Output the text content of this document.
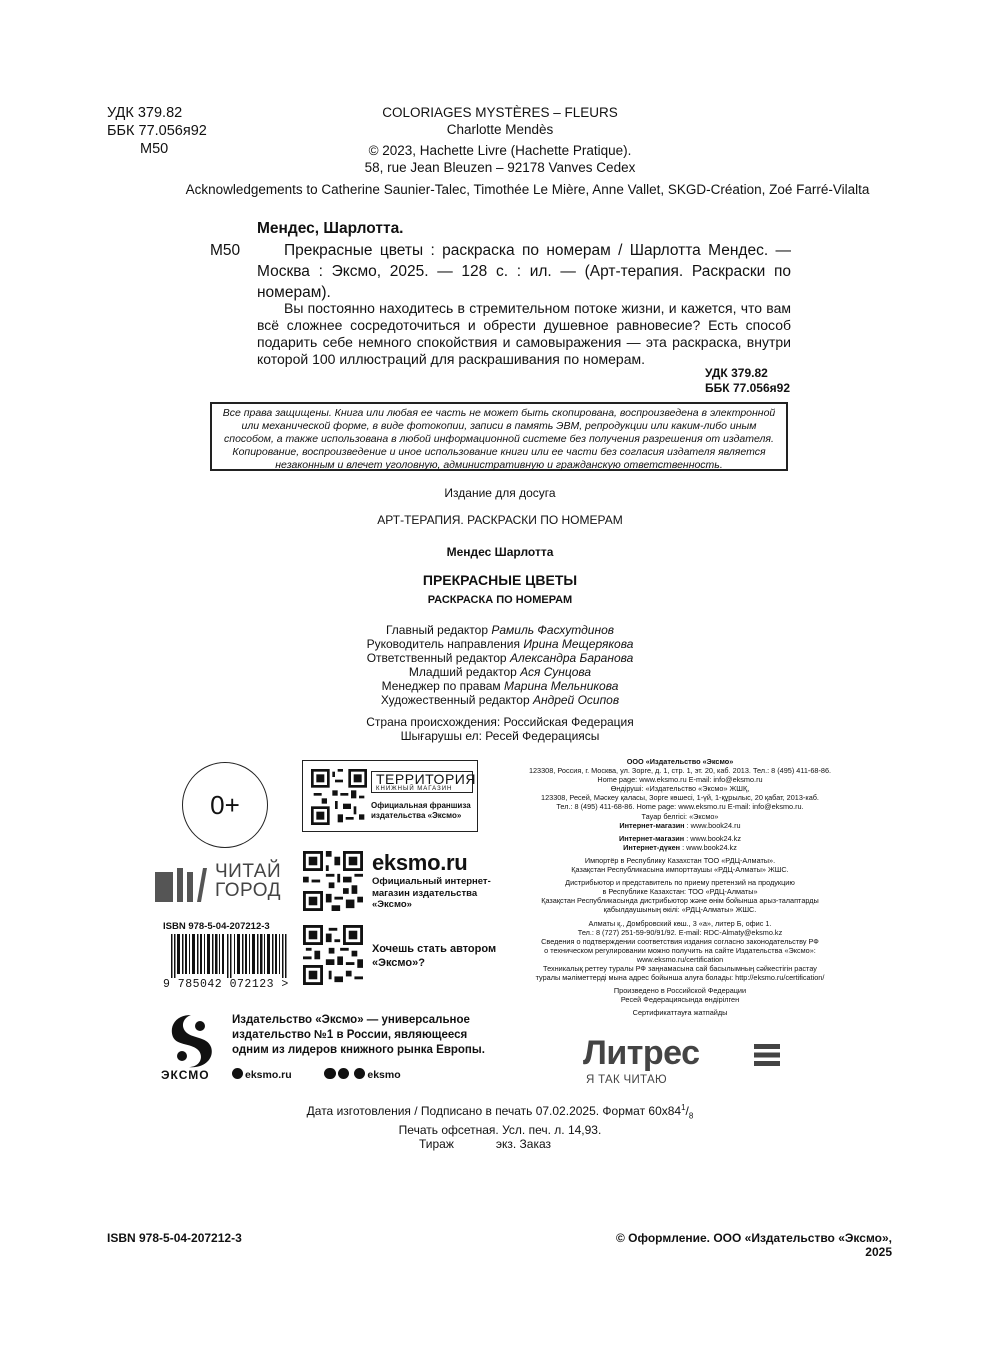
УДК 379.82
ББК 77.056я92
М50
COLORIAGES MYSTÈRES – FLEURS
Charlotte Mendès
© 2023, Hachette Livre (Hachette Pratique).
58, rue Jean Bleuzen – 92178 Vanves Cedex
Acknowledgements to Catherine Saunier-Talec, Timothée Le Mière, Anne Vallet, SKGD-Création, Zoé Farré-Vilalta
Мендес, Шарлотта.
М50	Прекрасные цветы : раскраска по номерам / Шарлотта Мендес. — Москва : Эксмо, 2025. — 128 с. : ил. — (Арт-терапия. Раскраски по номерам).
Вы постоянно находитесь в стремительном потоке жизни, и кажется, что вам всё сложнее сосредоточиться и обрести душевное равновесие? Есть способ подарить себе немного спокойствия и самовыражения — эта раскраска, внутри которой 100 иллюстраций для раскрашивания по номерам.
УДК 379.82
ББК 77.056я92
Все права защищены. Книга или любая ее часть не может быть скопирована, воспроизведена в электронной или механической форме, в виде фотокопии, записи в память ЭВМ, репродукции или каким-либо иным способом, а также использована в любой информационной системе без получения разрешения от издателя. Копирование, воспроизведение и иное использование книги или ее части без согласия издателя является незаконным и влечет уголовную, административную и гражданскую ответственность.
Издание для досуга
АРТ-ТЕРАПИЯ. РАСКРАСКИ ПО НОМЕРАМ
Мендес Шарлотта
ПРЕКРАСНЫЕ ЦВЕТЫ
РАСКРАСКА ПО НОМЕРАМ
Главный редактор Рамиль Фасхутдинов
Руководитель направления Ирина Мещерякова
Ответственный редактор Александра Баранова
Младший редактор Ася Сунцова
Менеджер по правам Марина Мельникова
Художественный редактор Андрей Осипов
Страна происхождения: Российская Федерация
Шығарушы ел: Ресей Федерациясы
0+
ТЕРРИТОРИЯ
КНИЖНЫЙ МАГАЗИН
Официальная франшиза издательства «Эксмо»
ЧИТАЙ
ГОРОД
eksmo.ru
Официальный интернет-магазин издательства «Эксмо»
ISBN 978-5-04-207212-3
9 785042 072123 >
Хочешь стать автором «Эксмо»?
ЭКСМО
Издательство «Эксмо» — универсальное издательство №1 в России, являющееся одним из лидеров книжного рынка Европы.
eksmo.ru	eksmo
ООО «Издательство «Эксмо»
123308, Россия, г. Москва, ул. Зорге, д. 1, стр. 1, эт. 20, каб. 2013. Тел.: 8 (495) 411-68-86.
Home page: www.eksmo.ru E-mail: info@eksmo.ru
Өндіруші: «Издательство «Эксмо» ЖШҚ,
123308, Ресей, Мәскеу қаласы, Зорге көшесі, 1-үй, 1-құрылыс, 20 қабат, 2013-каб.
Тел.: 8 (495) 411-68-86. Home page: www.eksmo.ru E-mail: info@eksmo.ru.
Тауар белгісі: «Эксмо»
Интернет-магазин : www.book24.ru
Интернет-магазин : www.book24.kz
Интернет-дүкен : www.book24.kz
Импортёр в Республику Казахстан ТОО «РДЦ-Алматы».
Қазақстан Республикасына импорттаушы «РДЦ-Алматы» ЖШС.
Дистрибьютор и представитель по приему претензий на продукцию
в Республике Казахстан: ТОО «РДЦ-Алматы»
Қазақстан Республикасында дистрибьютор және өнім бойынша арыз-талаптарды
қабылдаушының өкілі: «РДЦ-Алматы» ЖШС.
Алматы қ., Домбровский көш., 3 «а», литер Б, офис 1.
Тел.: 8 (727) 251-59-90/91/92. E-mail: RDC-Almaty@eksmo.kz
Сведения о подтверждении соответствия издания согласно законодательству РФ
о техническом регулировании можно получить на сайте Издательства «Эксмо»:
www.eksmo.ru/certification
Техникалық реттеу туралы РФ заңнамасына сай басылымның сәйкестігін растау
туралы мәліметтерді мына адрес бойынша алуға болады: http://eksmo.ru/certification/
Произведено в Российской Федерации
Ресей Федерациясында өндірілген
Сертификаттауға жатпайды
Литрес
Я ТАК ЧИТАЮ
Дата изготовления / Подписано в печать 07.02.2025. Формат $60x84^1/_8$
Печать офсетная. Усл. печ. л. 14,93.
Тираж	экз. Заказ
ISBN 978-5-04-207212-3	© Оформление. ООО «Издательство «Эксмо», 2025
